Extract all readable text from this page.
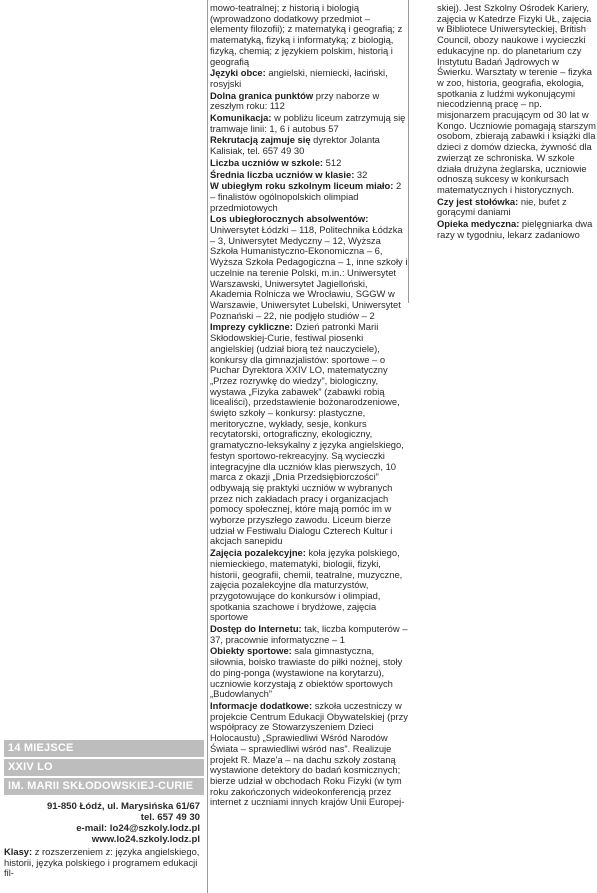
14 MIEJSCE
XXIV LO
IM. MARII SKŁODOWSKIEJ-CURIE
91-850 Łódź, ul. Marysińska 61/67
tel. 657 49 30
e-mail: lo24@szkoly.lodz.pl
www.lo24.szkoly.lodz.pl

Klasy: z rozszerzeniem z: języka angielskiego, historii, języka polskiego i programem edukacji fil-

mowo-teatralnej; z historią i biologią (wprowadzono dodatkowy przedmiot – elementy filozofii); z matematyką i geografią; z matematyką, fizyką i informatyką; z biologią, fizyką, chemią; z językiem polskim, historią i geografią

Języki obce: angielski, niemiecki, łaciński, rosyjski

Dolna granica punktów przy naborze w zeszłym roku: 112

Komunikacja: w pobliżu liceum zatrzymują się tramwaje linii: 1, 6 i autobus 57

Rekrutacją zajmuje się dyrektor Jolanta Kalisiak, tel. 657 49 30

Liczba uczniów w szkole: 512

Średnia liczba uczniów w klasie: 32

W ubiegłym roku szkolnym liceum miało: 2 – finalistów ogólnopolskich olimpiad przedmiotowych

Los ubiegłorocznych absolwentów: Uniwersytet Łódzki – 118, Politechnika Łódzka – 3, Uniwersytet Medyczny – 12, Wyższa Szkoła Humanistyczno-Ekonomiczna – 6, Wyższa Szkoła Pedagogiczna – 1, inne szkoły i uczelnie na terenie Polski, m.in.: Uniwersytet Warszawski, Uniwersytet Jagielloński, Akademia Rolnicza we Wrocławiu, SGGW w Warszawie, Uniwersytet Lubelski, Uniwersytet Poznański – 22, nie podjęło studiów – 2

Imprezy cykliczne: Dzień patronki Marii Skłodowskiej-Curie, festiwal piosenki angielskiej (udział biorą też nauczyciele), konkursy dla gimnazjalistów: sportowe – o Puchar Dyrektora XXIV LO, matematyczny „Przez rozrywkę do wiedzy”, biologiczny, wystawa „Fizyka zabawek” (zabawki robią licealiści), przedstawienie bożonarodzeniowe, święto szkoły – konkursy: plastyczne, meritoryczne, wykłady, sesje, konkurs recytatorski, ortograficzny, ekologiczny, gramatyczno-leksykalny z języka angielskiego, festyn sportowo-rekreacyjny. Są wycieczki integracyjne dla uczniów klas pierwszych, 10 marca z okazji „Dnia Przedsiębiorczości” odbywają się praktyki uczniów w wybranych przez nich zakładach pracy i organizacjach pomocy społecznej, które mają pomóc im w wyborze przyszłego zawodu. Liceum bierze udział w Festiwalu Dialogu Czterech Kultur i akcjach sanepidu

Zajęcia pozalekcyjne: koła języka polskiego, niemieckiego, matematyki, biologii, fizyki, historii, geografii, chemii, teatralne, muzyczne, zajęcia pozalekcyjne dla maturzystów, przygotowujące do konkursów i olimpiad, spotkania szachowe i brydżowe, zajęcia sportowe

Dostęp do Internetu: tak, liczba komputerów – 37, pracownie informatyczne – 1

Obiekty sportowe: sala gimnastyczna, siłownia, boisko trawiaste do piłki nożnej, stoły do ping-ponga (wystawione na korytarzu), uczniowie korzystają z obiektów sportowych „Budowlanych”

Informacje dodatkowe: szkoła uczestniczy w projekcie Centrum Edukacji Obywatelskiej (przy współpracy ze Stowarzyszeniem Dzieci Holocaustu) „Sprawiedliwi Wśród Narodów Świata – sprawiedliwi wśród nas”. Realizuje projekt R. Maze'a – na dachu szkoły zostaną wystawione detektory do badań kosmicznych; bierze udział w obchodach Roku Fizyki (w tym roku zakończonych wideokonferencją przez internet z uczniami innych krajów Unii Europej-

skiej). Jest Szkolny Ośrodek Kariery, zajęcia w Katedrze Fizyki UŁ, zajęcia w Bibliotece Uniwersyteckiej, British Council, obozy naukowe i wycieczki edukacyjne np. do planetarium czy Instytutu Badań Jądrowych w Świerku. Warsztaty w terenie – fizyka w zoo, historia, geografia, ekologia, spotkania z ludźmi wykonującymi niecodzienną pracę – np. misjonarzem pracującym od 30 lat w Kongo. Uczniowie pomagają starszym osobom, zbierają zabawki i książki dla dzieci z domów dziecka, żywność dla zwierząt ze schroniska. W szkole działa drużyna żeglarska, uczniowie odnoszą sukcesy w konkursach matematycznych i historycznych.

Czy jest stołówka: nie, bufet z gorącymi daniami

Opieka medyczna: pielęgniarka dwa razy w tygodniu, lekarz zadaniowo
